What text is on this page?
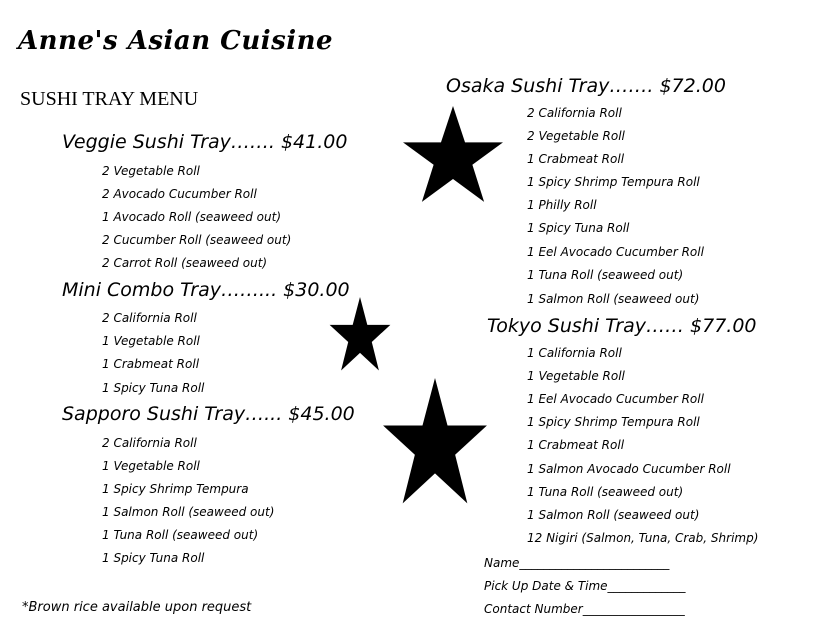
Anne's Asian Cuisine
SUSHI TRAY MENU
Veggie Sushi Tray……. $41.00
2 Vegetable Roll
2 Avocado Cucumber Roll
1 Avocado Roll (seaweed out)
2 Cucumber Roll (seaweed out)
2 Carrot Roll (seaweed out)
Mini Combo Tray……... $30.00
2 California Roll
1 Vegetable Roll
1 Crabmeat Roll
1 Spicy Tuna Roll
Sapporo Sushi Tray…... $45.00
2 California Roll
1 Vegetable Roll
1 Spicy Shrimp Tempura
1 Salmon Roll (seaweed out)
1 Tuna Roll (seaweed out)
1 Spicy Tuna Roll
Osaka Sushi Tray……. $72.00
2 California Roll
2 Vegetable Roll
1 Crabmeat Roll
1 Spicy Shrimp Tempura Roll
1 Philly Roll
1 Spicy Tuna Roll
1 Eel Avocado Cucumber Roll
1 Tuna Roll (seaweed out)
1 Salmon Roll (seaweed out)
Tokyo Sushi Tray…… $77.00
1 California Roll
1 Vegetable Roll
1 Eel Avocado Cucumber Roll
1 Spicy Shrimp Tempura Roll
1 Crabmeat Roll
1 Salmon Avocado Cucumber Roll
1 Tuna Roll (seaweed out)
1 Salmon Roll (seaweed out)
12 Nigiri (Salmon, Tuna, Crab, Shrimp)
Name_________________________
Pick Up Date & Time_____________
Contact Number_________________
*Brown rice available upon request
